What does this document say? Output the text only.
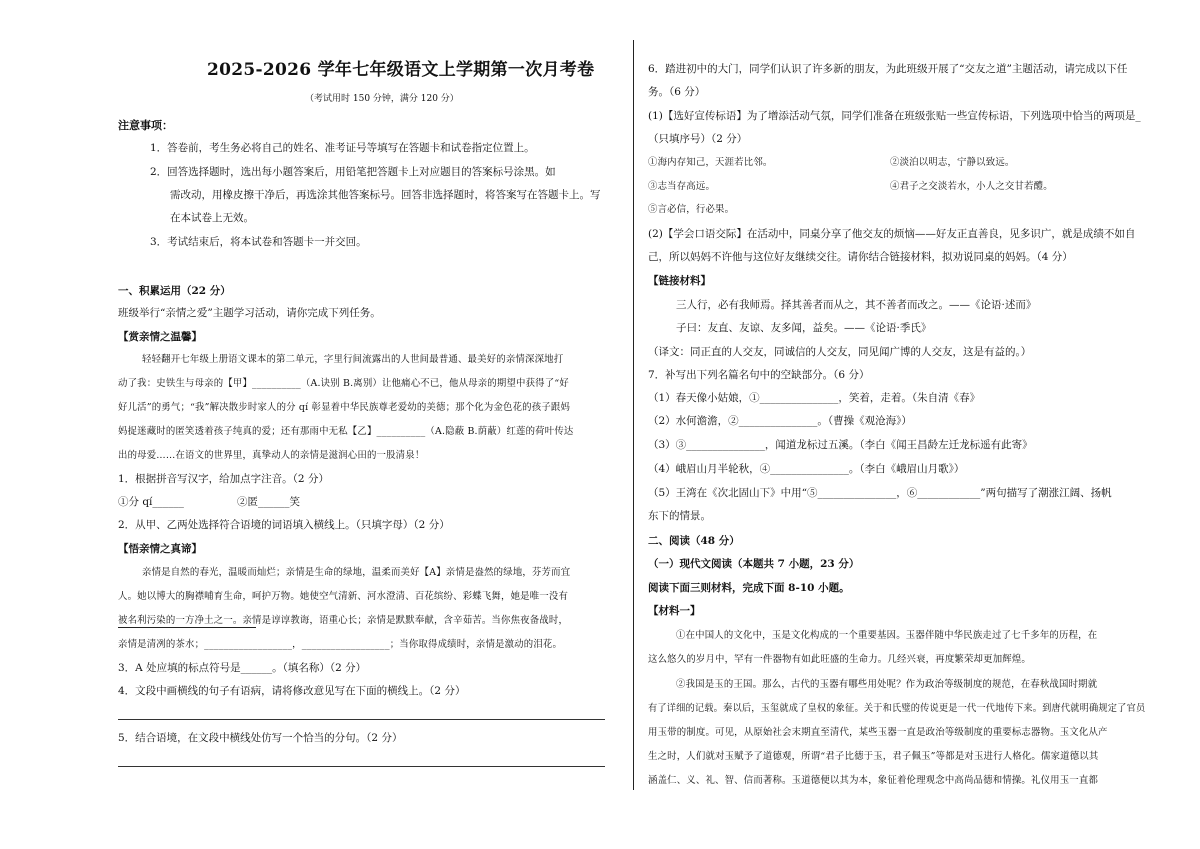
2025-2026 学年七年级语文上学期第一次月考卷
（考试用时 150 分钟，满分 120 分）
注意事项：
1．答卷前，考生务必将自己的姓名、准考证号等填写在答题卡和试卷指定位置上。
2．回答选择题时，选出每小题答案后，用铅笔把答题卡上对应题目的答案标号涂黑。如
需改动，用橡皮擦干净后，再选涂其他答案标号。回答非选择题时，将答案写在答题卡上。写
在本试卷上无效。
3．考试结束后，将本试卷和答题卡一并交回。
一、积累运用（22 分）
班级举行“亲情之爱”主题学习活动，请你完成下列任务。
【赏亲情之温馨】
轻轻翻开七年级上册语文课本的第二单元，字里行间流露出的人世间最普通、最美好的亲情深深地打
动了我：史铁生与母亲的【甲】__________（A.诀别 B.离别）让他痛心不已，他从母亲的期望中获得了“好
好儿活”的勇气；“我”解决散步时家人的分 qí 彰显着中华民族尊老爱幼的美德；那个化为金色花的孩子跟妈
妈捉迷藏时的匿笑透着孩子纯真的爱；还有那雨中无私【乙】__________（A.隐蔽 B.荫蔽）红莲的荷叶传达
出的母爱……在语文的世界里，真挚动人的亲情是滋润心田的一股清泉！
1．根据拼音写汉字，给加点字注音。（2 分）
①分 qí______	②匿______笑
2．从甲、乙两处选择符合语境的词语填入横线上。（只填字母）（2 分）
【悟亲情之真谛】
亲情是自然的春光，温暖而灿烂；亲情是生命的绿地，温柔而美好【A】亲情是盎然的绿地，芬芳而宜
人。她以博大的胸襟哺育生命，呵护万物。她使空气清新、河水澄清、百花缤纷、彩蝶飞舞，她是唯一没有
被名利污染的一方净土之一。亲情是谆谆教诲，语重心长；亲情是默默奉献，含辛茹苦。当你焦夜备战时，
亲情是清冽的茶水；__________________，__________________；当你取得成绩时，亲情是激动的泪花。
3．A 处应填的标点符号是______。（填名称）（2 分）
4．文段中画横线的句子有语病，请将修改意见写在下面的横线上。（2 分）
5．结合语境，在文段中横线处仿写一个恰当的分句。（2 分）
6．踏进初中的大门，同学们认识了许多新的朋友，为此班级开展了“交友之道”主题活动，请完成以下任
务。（6 分）
(1)【选好宣传标语】为了增添活动气氛，同学们准备在班级张贴一些宣传标语，下列选项中恰当的两项是_
（只填序号）（2 分）
①海内存知己，天涯若比邻。	②淡泊以明志，宁静以致远。
③志当存高远。	④君子之交淡若水，小人之交甘若醴。
⑤言必信，行必果。
(2)【学会口语交际】在活动中，同桌分享了他交友的烦恼——好友正直善良，见多识广，就是成绩不如自
己，所以妈妈不许他与这位好友继续交往。请你结合链接材料，拟劝说同桌的妈妈。（4 分）
【链接材料】
三人行，必有我师焉。择其善者而从之，其不善者而改之。——《论语·述而》
子曰：友直、友谅、友多闻，益矣。——《论语·季氏》
（译文：同正直的人交友，同诚信的人交友，同见闻广博的人交友，这是有益的。）
7．补写出下列名篇名句中的空缺部分。（6 分）
（1）春天像小姑娘，①_______________，笑着，走着。（朱自清《春》
（2）水何澹澹，②_______________。（曹操《观沧海》）
（3）③_______________，闻道龙标过五溪。（李白《闻王昌龄左迁龙标遥有此寄》
（4）峨眉山月半轮秋，④_______________。（李白《峨眉山月歌》）
（5）王湾在《次北固山下》中用“⑤_______________，⑥____________”两句描写了潮涨江阔、扬帆
东下的情景。
二、阅读（48 分）
（一）现代文阅读（本题共 7 小题，23 分）
阅读下面三则材料，完成下面 8-10 小题。
【材料一】
①在中国人的文化中，玉是文化构成的一个重要基因。玉器伴随中华民族走过了七千多年的历程，在
这么悠久的岁月中，罕有一件器物有如此旺盛的生命力。几经兴衰，再度繁荣却更加辉煌。
②我国是玉的王国。那么，古代的玉器有哪些用处呢？作为政治等级制度的规范，在春秋战国时期就
有了详细的记载。秦以后，玉玺就成了皇权的象征。关于和氏璧的传说更是一代一代地传下来。到唐代就明确规定了官员
用玉带的制度。可见，从原始社会末期直至清代，某些玉器一直是政治等级制度的重要标志器物。玉文化从产
生之时，人们就对玉赋予了道德观，所谓“君子比德于玉，君子佩玉”等都是对玉进行人格化。儒家道德以其
涵盖仁、义、礼、智、信而著称。玉道德便以其为本，象征着伦理观念中高尚品德和情操。礼仪用玉一直都
